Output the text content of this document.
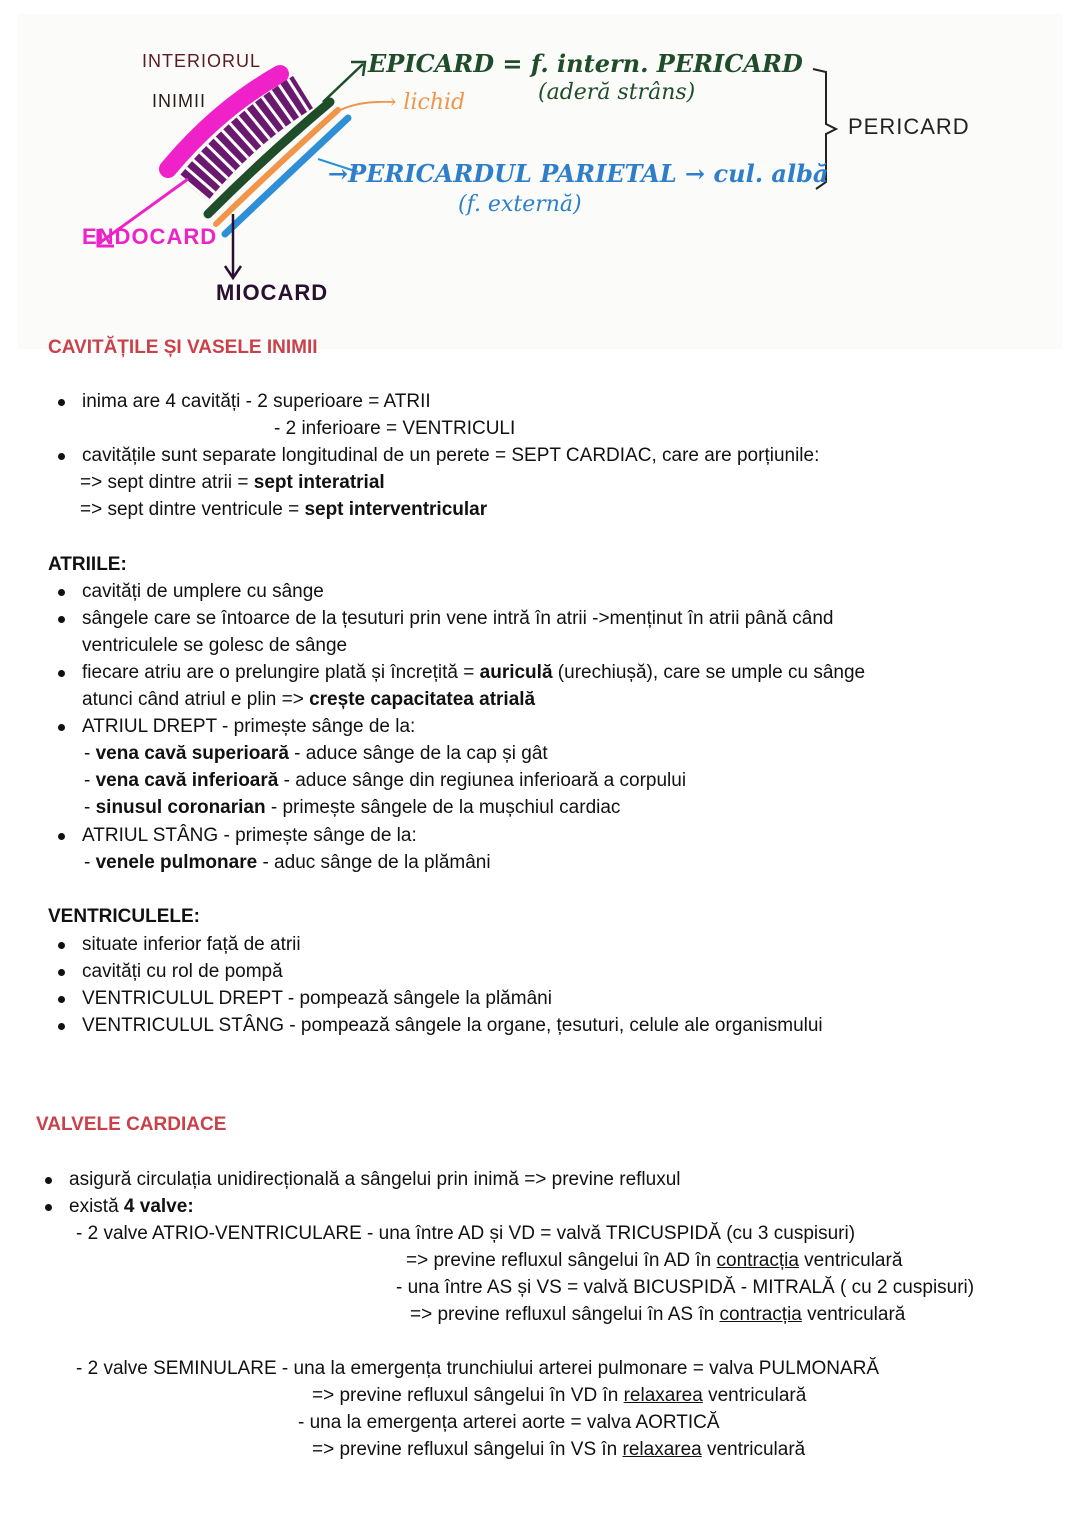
INTERIORUL
INIMII
EPICARD = f. intern. PERICARD
(aderă strâns)
→ lichid
→PERICARDUL PARIETAL → cul. albă
(f. externă)
PERICARD
ENDOCARD
MIOCARD
CAVITĂȚILE ȘI VASELE INIMII
inima are 4 cavități - 2 superioare = ATRII
- 2 inferioare = VENTRICULI
cavitățile sunt separate longitudinal de un perete = SEPT CARDIAC, care are porțiunile:
=> sept dintre atrii = sept interatrial
=> sept dintre ventricule = sept interventricular
ATRIILE:
cavități de umplere cu sânge
sângele care se întoarce de la țesuturi prin vene intră în atrii ->menținut în atrii până când
ventriculele se golesc de sânge
fiecare atriu are o prelungire plată și încrețită = auriculă (urechiușă), care se umple cu sânge
atunci când atriul e plin => crește capacitatea atrială
ATRIUL DREPT - primește sânge de la:
- vena cavă superioară - aduce sânge de la cap și gât
- vena cavă inferioară - aduce sânge din regiunea inferioară a corpului
- sinusul coronarian - primește sângele de la mușchiul cardiac
ATRIUL STÂNG - primește sânge de la:
- venele pulmonare - aduc sânge de la plămâni
VENTRICULELE:
situate inferior față de atrii
cavități cu rol de pompă
VENTRICULUL DREPT - pompează sângele la plămâni
VENTRICULUL STÂNG - pompează sângele la organe, țesuturi, celule ale organismului
VALVELE CARDIACE
asigură circulația unidirecțională a sângelui prin inimă => previne refluxul
există 4 valve:
- 2 valve ATRIO-VENTRICULARE - una între AD și VD = valvă TRICUSPIDĂ (cu 3 cuspisuri)
=> previne refluxul sângelui în AD în contracția ventriculară
- una între AS și VS = valvă BICUSPIDĂ - MITRALĂ ( cu 2 cuspisuri)
=> previne refluxul sângelui în AS în contracția ventriculară
- 2 valve SEMINULARE - una la emergența trunchiului arterei pulmonare = valva PULMONARĂ
=> previne refluxul sângelui în VD în relaxarea ventriculară
- una la emergența arterei aorte = valva AORTICĂ
=> previne refluxul sângelui în VS în relaxarea ventriculară
